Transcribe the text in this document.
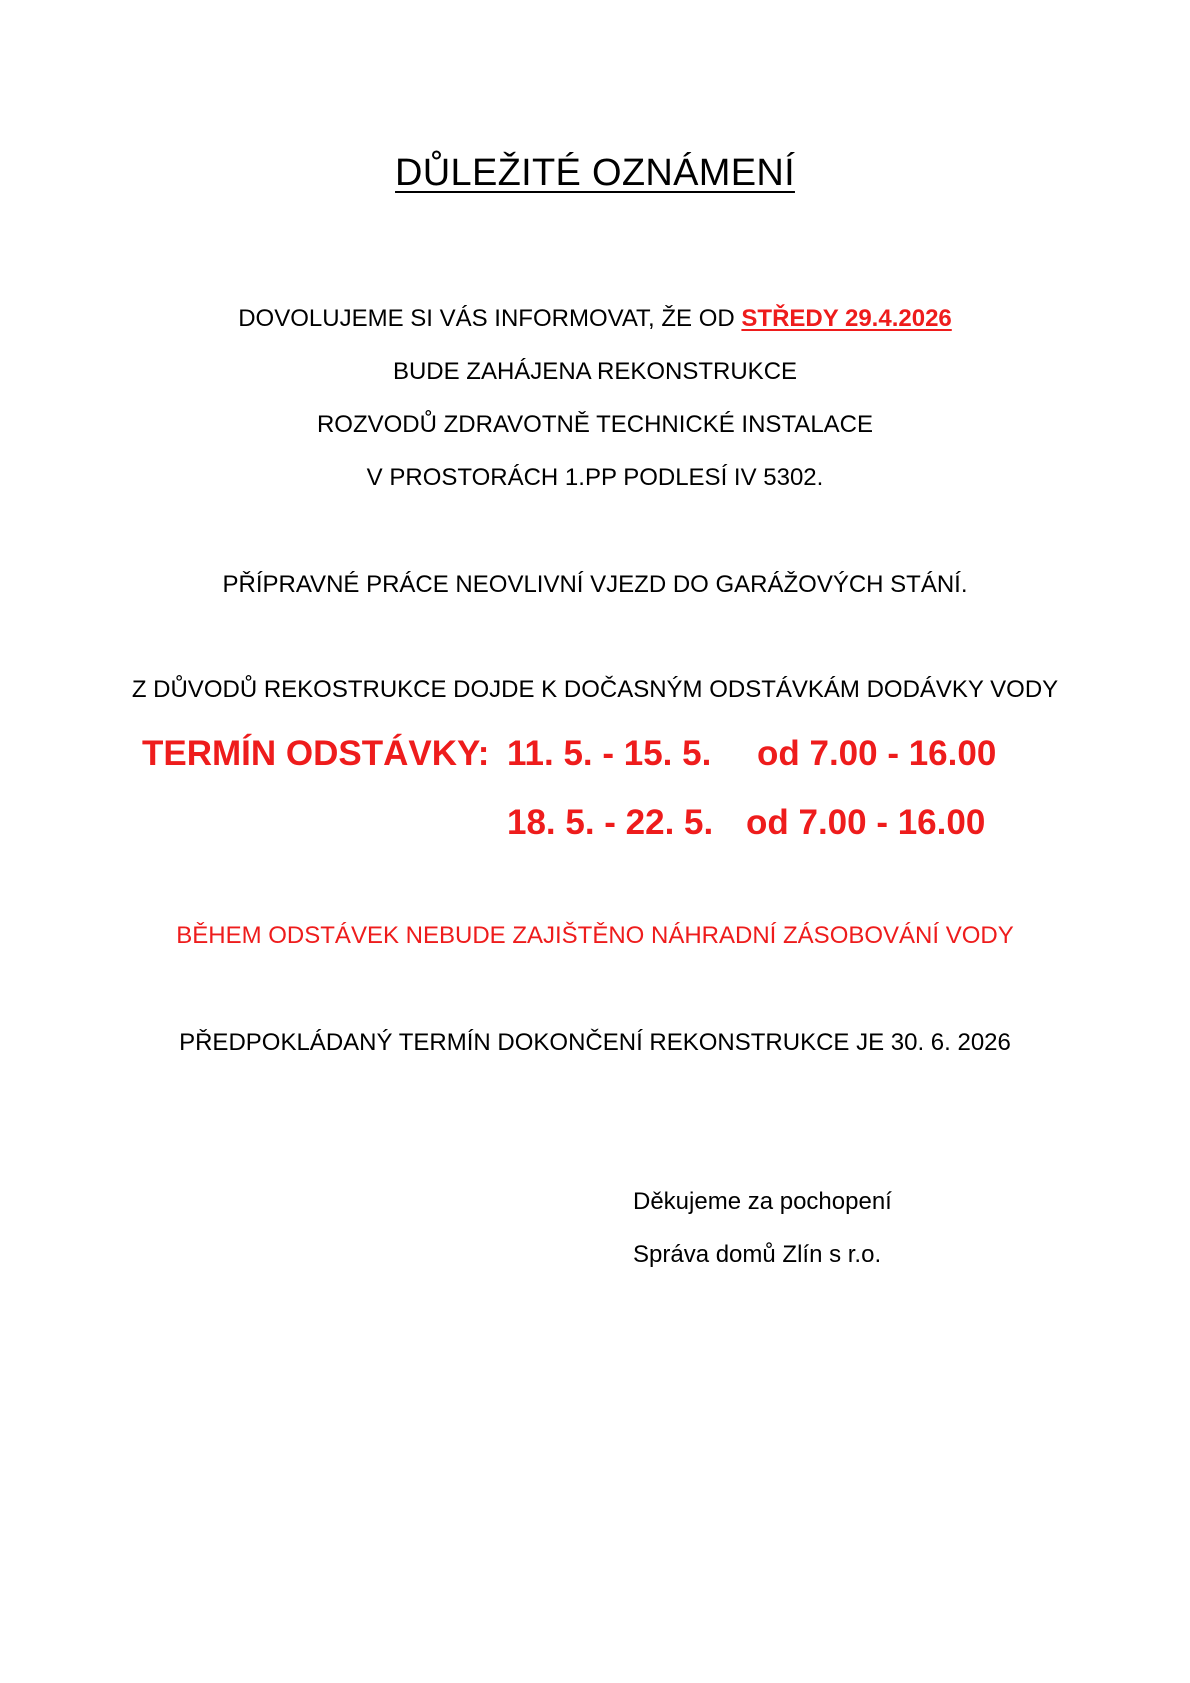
DŮLEŽITÉ OZNÁMENÍ
DOVOLUJEME SI VÁS INFORMOVAT, ŽE OD STŘEDY 29.4.2026
BUDE ZAHÁJENA REKONSTRUKCE
ROZVODŮ ZDRAVOTNĚ TECHNICKÉ INSTALACE
V PROSTORÁCH 1.PP PODLESÍ IV 5302.
PŘÍPRAVNÉ PRÁCE NEOVLIVNÍ VJEZD DO GARÁŽOVÝCH STÁNÍ.
Z DŮVODŮ REKOSTRUKCE DOJDE K DOČASNÝM ODSTÁVKÁM DODÁVKY VODY
TERMÍN ODSTÁVKY: 11. 5. - 15. 5. od 7.00 - 16.00
18. 5. - 22. 5. od 7.00 - 16.00
BĚHEM ODSTÁVEK NEBUDE ZAJIŠTĚNO NÁHRADNÍ ZÁSOBOVÁNÍ VODY
PŘEDPOKLÁDANÝ TERMÍN DOKONČENÍ REKONSTRUKCE JE 30. 6. 2026
Děkujeme za pochopení
Správa domů Zlín s r.o.
